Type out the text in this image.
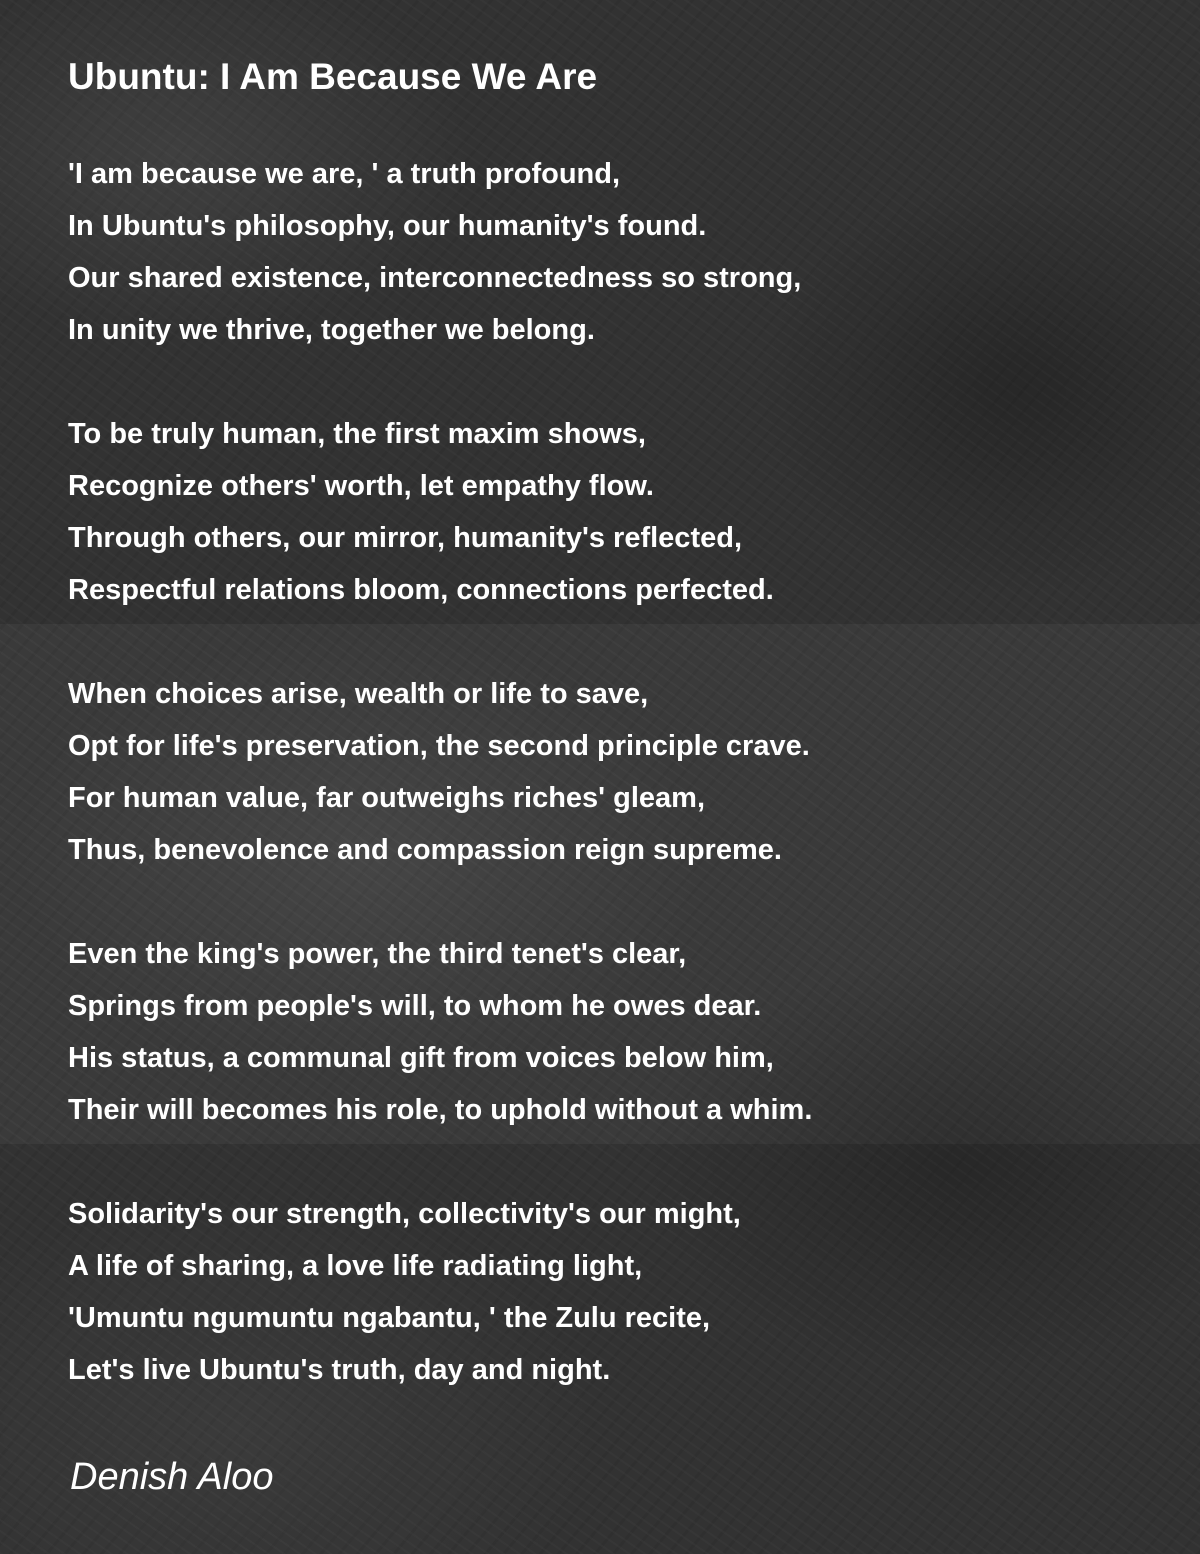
Ubuntu: I Am Because We Are

'I am because we are, ' a truth profound,
In Ubuntu's philosophy, our humanity's found.
Our shared existence, interconnectedness so strong,
In unity we thrive, together we belong.

To be truly human, the first maxim shows,
Recognize others' worth, let empathy flow.
Through others, our mirror, humanity's reflected,
Respectful relations bloom, connections perfected.

When choices arise, wealth or life to save,
Opt for life's preservation, the second principle crave.
For human value, far outweighs riches' gleam,
Thus, benevolence and compassion reign supreme.

Even the king's power, the third tenet's clear,
Springs from people's will, to whom he owes dear.
His status, a communal gift from voices below him,
Their will becomes his role, to uphold without a whim.

Solidarity's our strength, collectivity's our might,
A life of sharing, a love life radiating light,
'Umuntu ngumuntu ngabantu, ' the Zulu recite,
Let's live Ubuntu's truth, day and night.

Denish Aloo
